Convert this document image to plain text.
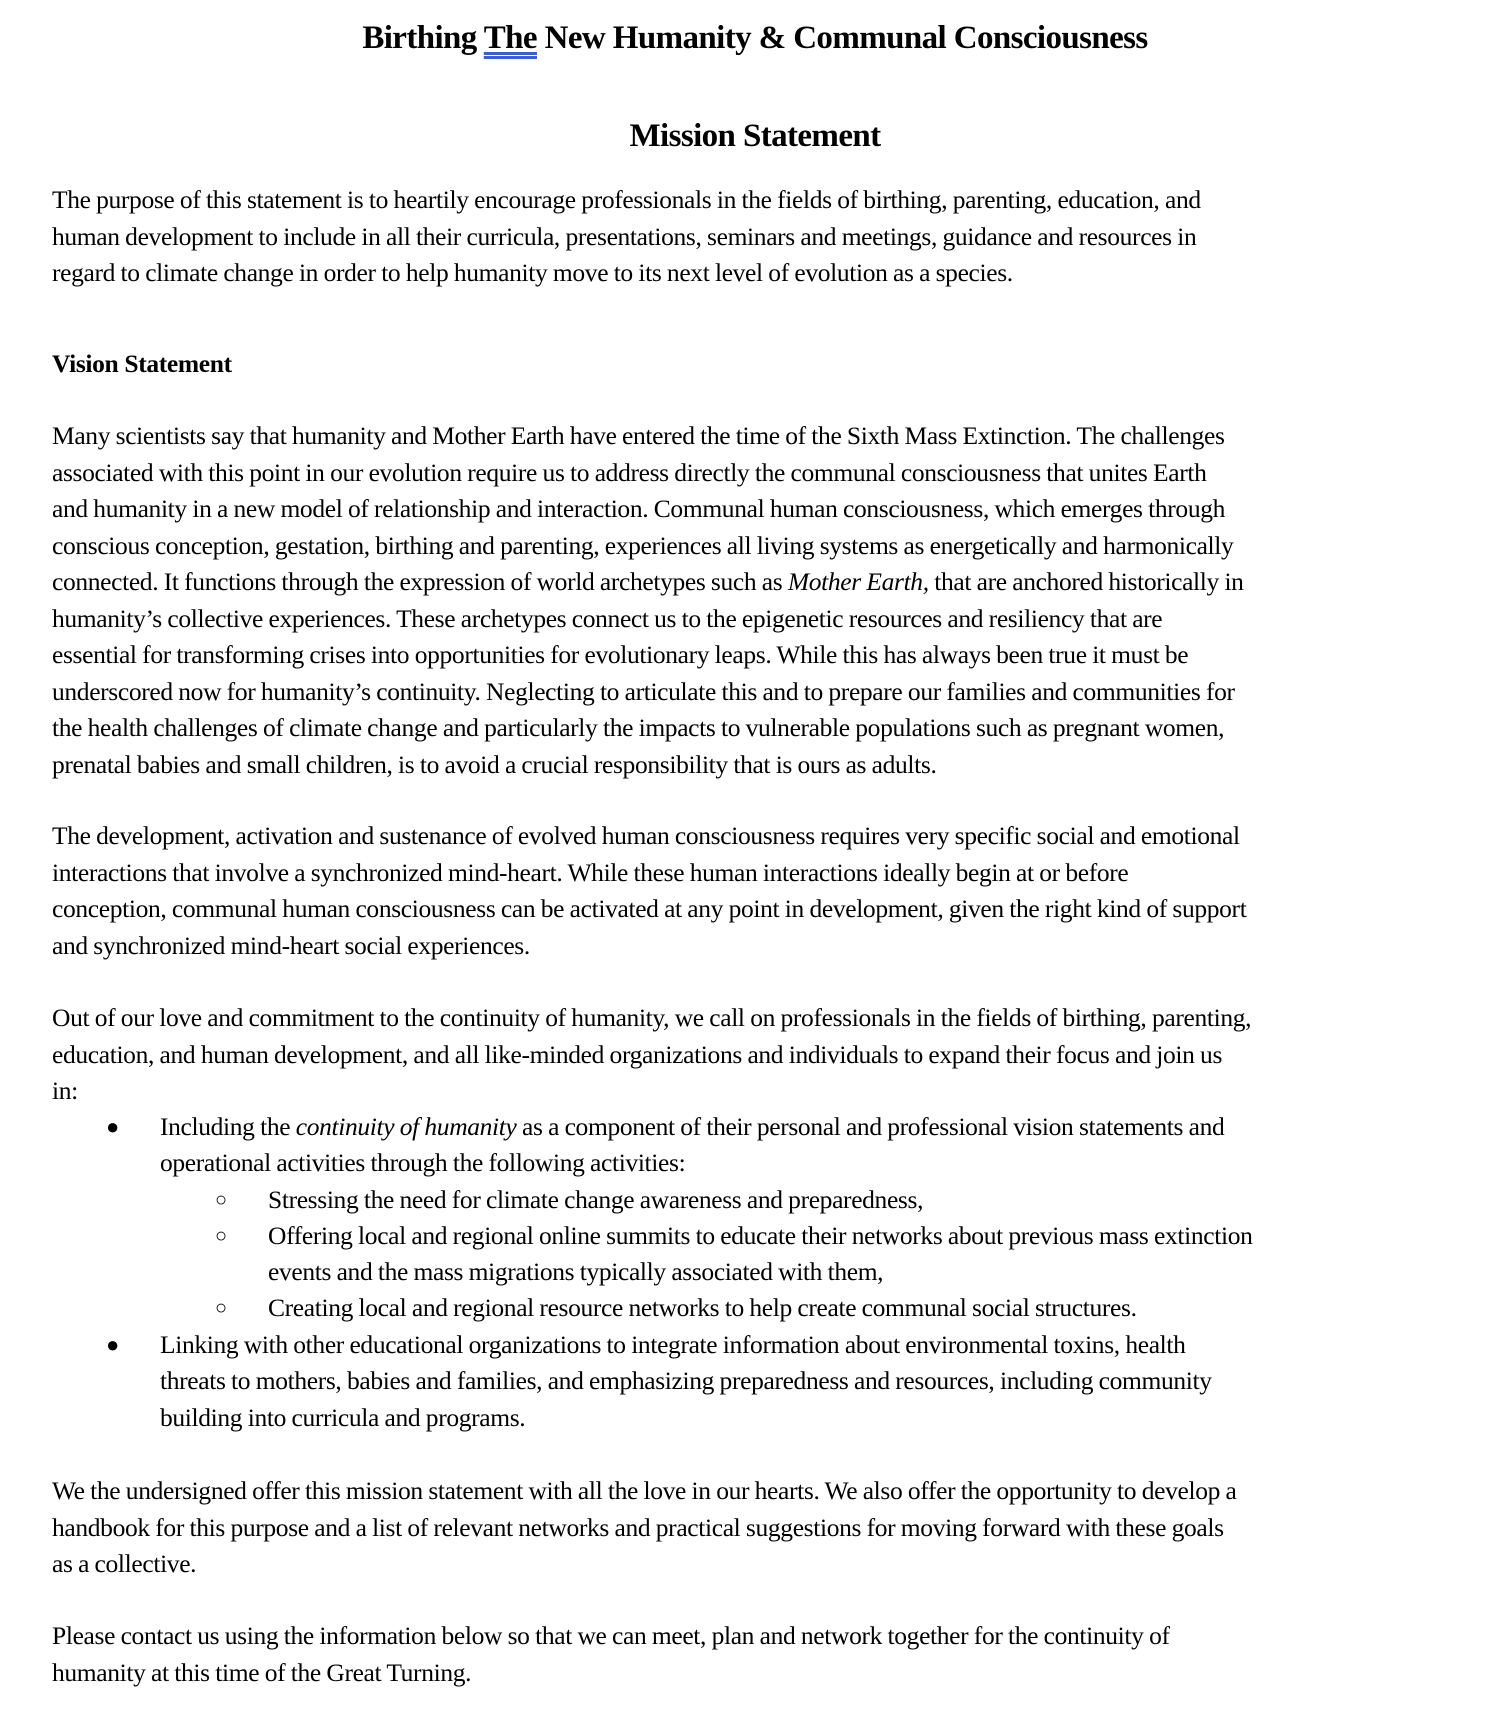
Birthing The New Humanity & Communal Consciousness
Mission Statement
The purpose of this statement is to heartily encourage professionals in the fields of birthing, parenting, education, and
human development to include in all their curricula, presentations, seminars and meetings, guidance and resources in
regard to climate change in order to help humanity move to its next level of evolution as a species.
Vision Statement
Many scientists say that humanity and Mother Earth have entered the time of the Sixth Mass Extinction. The challenges
associated with this point in our evolution require us to address directly the communal consciousness that unites Earth
and humanity in a new model of relationship and interaction. Communal human consciousness, which emerges through
conscious conception, gestation, birthing and parenting, experiences all living systems as energetically and harmonically
connected. It functions through the expression of world archetypes such as Mother Earth, that are anchored historically in
humanity’s collective experiences. These archetypes connect us to the epigenetic resources and resiliency that are
essential for transforming crises into opportunities for evolutionary leaps. While this has always been true it must be
underscored now for humanity’s continuity. Neglecting to articulate this and to prepare our families and communities for
the health challenges of climate change and particularly the impacts to vulnerable populations such as pregnant women,
prenatal babies and small children, is to avoid a crucial responsibility that is ours as adults.
The development, activation and sustenance of evolved human consciousness requires very specific social and emotional
interactions that involve a synchronized mind-heart. While these human interactions ideally begin at or before
conception, communal human consciousness can be activated at any point in development, given the right kind of support
and synchronized mind-heart social experiences.
Out of our love and commitment to the continuity of humanity, we call on professionals in the fields of birthing, parenting,
education, and human development, and all like-minded organizations and individuals to expand their focus and join us
in:
● Including the continuity of humanity as a component of their personal and professional vision statements and
operational activities through the following activities:
○ Stressing the need for climate change awareness and preparedness,
○ Offering local and regional online summits to educate their networks about previous mass extinction
events and the mass migrations typically associated with them,
○ Creating local and regional resource networks to help create communal social structures.
● Linking with other educational organizations to integrate information about environmental toxins, health
threats to mothers, babies and families, and emphasizing preparedness and resources, including community
building into curricula and programs.
We the undersigned offer this mission statement with all the love in our hearts. We also offer the opportunity to develop a
handbook for this purpose and a list of relevant networks and practical suggestions for moving forward with these goals
as a collective.
Please contact us using the information below so that we can meet, plan and network together for the continuity of
humanity at this time of the Great Turning.
